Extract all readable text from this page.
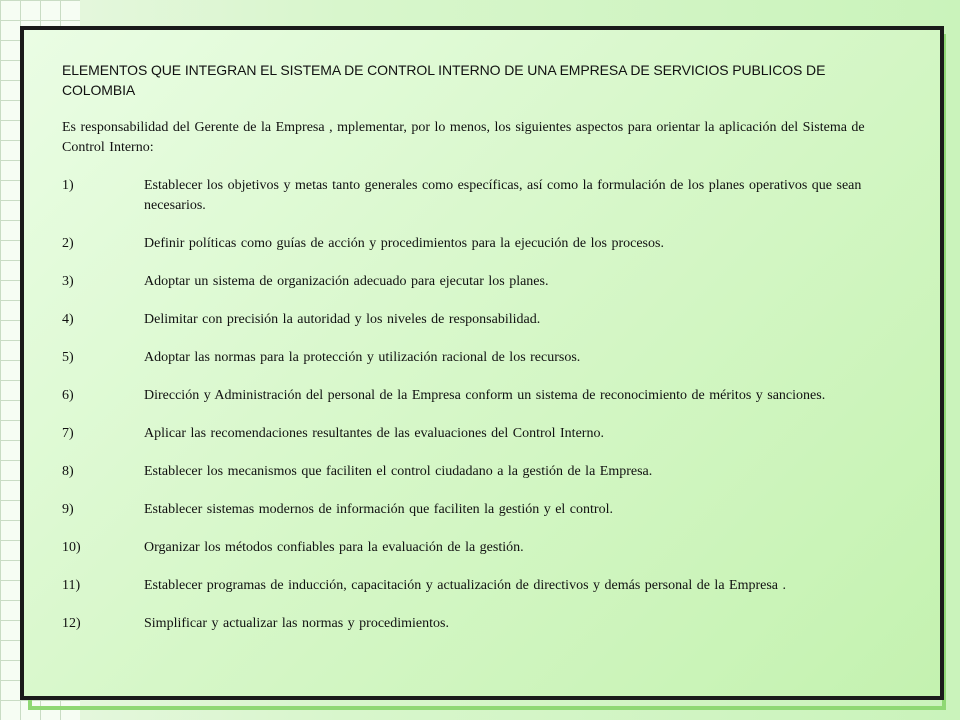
ELEMENTOS QUE INTEGRAN EL SISTEMA DE CONTROL INTERNO DE UNA EMPRESA DE SERVICIOS PUBLICOS DE COLOMBIA

Es responsabilidad del Gerente de la Empresa , mplementar, por lo menos, los siguientes aspectos para orientar la aplicación del Sistema de Control Interno:

1)	Establecer los objetivos y metas tanto generales como específicas, así como la formulación de los planes operativos que sean necesarios.
2)	Definir políticas como guías de acción y procedimientos para la ejecución de los procesos.
3)	Adoptar un sistema de organización adecuado para ejecutar los planes.
4)	Delimitar con precisión la autoridad y los niveles de responsabilidad.
5)	Adoptar las normas para la protección y utilización racional de los recursos.
6)	Dirección y Administración del personal de la Empresa conform un sistema de reconocimiento de méritos y sanciones.
7)	Aplicar las recomendaciones resultantes de las evaluaciones del Control Interno.
8)	Establecer los mecanismos que faciliten el control ciudadano a la gestión de la Empresa.
9)	Establecer sistemas modernos de información que faciliten la gestión y el control.
10)	Organizar los métodos confiables para la evaluación de la gestión.
11)	Establecer programas de inducción, capacitación y actualización de directivos y demás personal de la Empresa .
12)	Simplificar y actualizar las normas y procedimientos.
